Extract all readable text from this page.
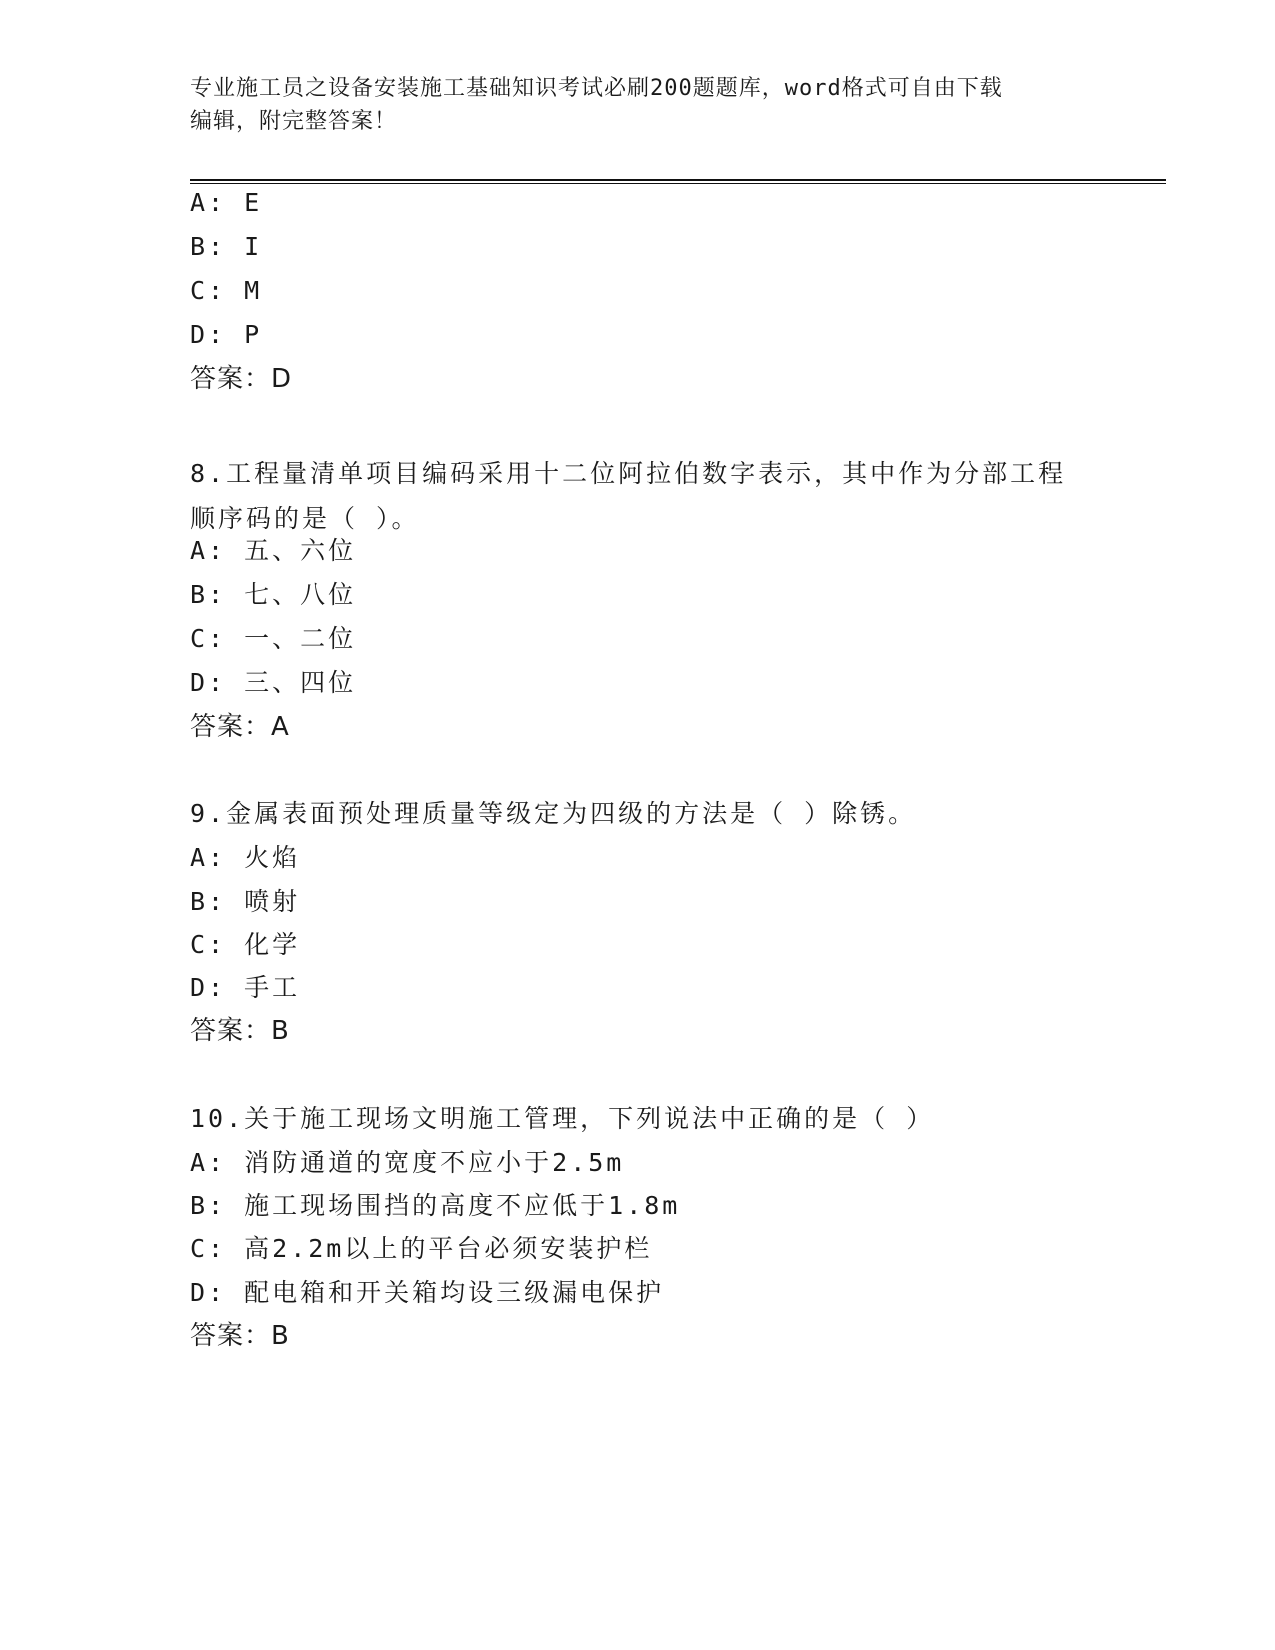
专业施工员之设备安装施工基础知识考试必刷200题题库，word格式可自由下载
编辑，附完整答案！
A: E
B: I
C: M
D: P
答案：D
8.工程量清单项目编码采用十二位阿拉伯数字表示，其中作为分部工程顺序码的是（ ）。
A: 五、六位
B: 七、八位
C: 一、二位
D: 三、四位
答案：A
9.金属表面预处理质量等级定为四级的方法是（ ）除锈。
A: 火焰
B: 喷射
C: 化学
D: 手工
答案：B
10.关于施工现场文明施工管理，下列说法中正确的是（ ）
A: 消防通道的宽度不应小于2.5m
B: 施工现场围挡的高度不应低于1.8m
C: 高2.2m以上的平台必须安装护栏
D: 配电箱和开关箱均设三级漏电保护
答案：B
